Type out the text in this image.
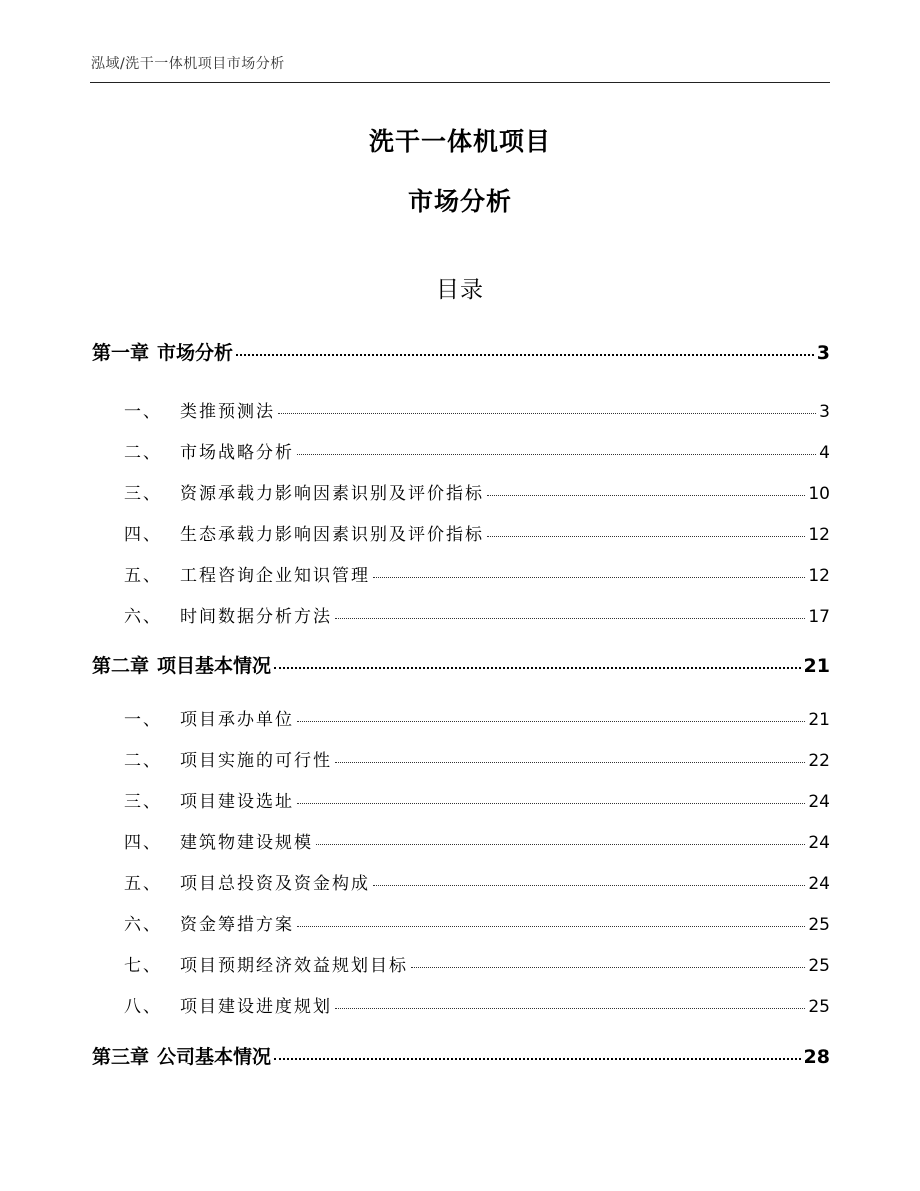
泓域/洗干一体机项目市场分析
洗干一体机项目
市场分析
目录
第一章 市场分析	3
一、 类推预测法	3
二、 市场战略分析	4
三、 资源承载力影响因素识别及评价指标	10
四、 生态承载力影响因素识别及评价指标	12
五、 工程咨询企业知识管理	12
六、 时间数据分析方法	17
第二章 项目基本情况	21
一、 项目承办单位	21
二、 项目实施的可行性	22
三、 项目建设选址	24
四、 建筑物建设规模	24
五、 项目总投资及资金构成	24
六、 资金筹措方案	25
七、 项目预期经济效益规划目标	25
八、 项目建设进度规划	25
第三章 公司基本情况	28
